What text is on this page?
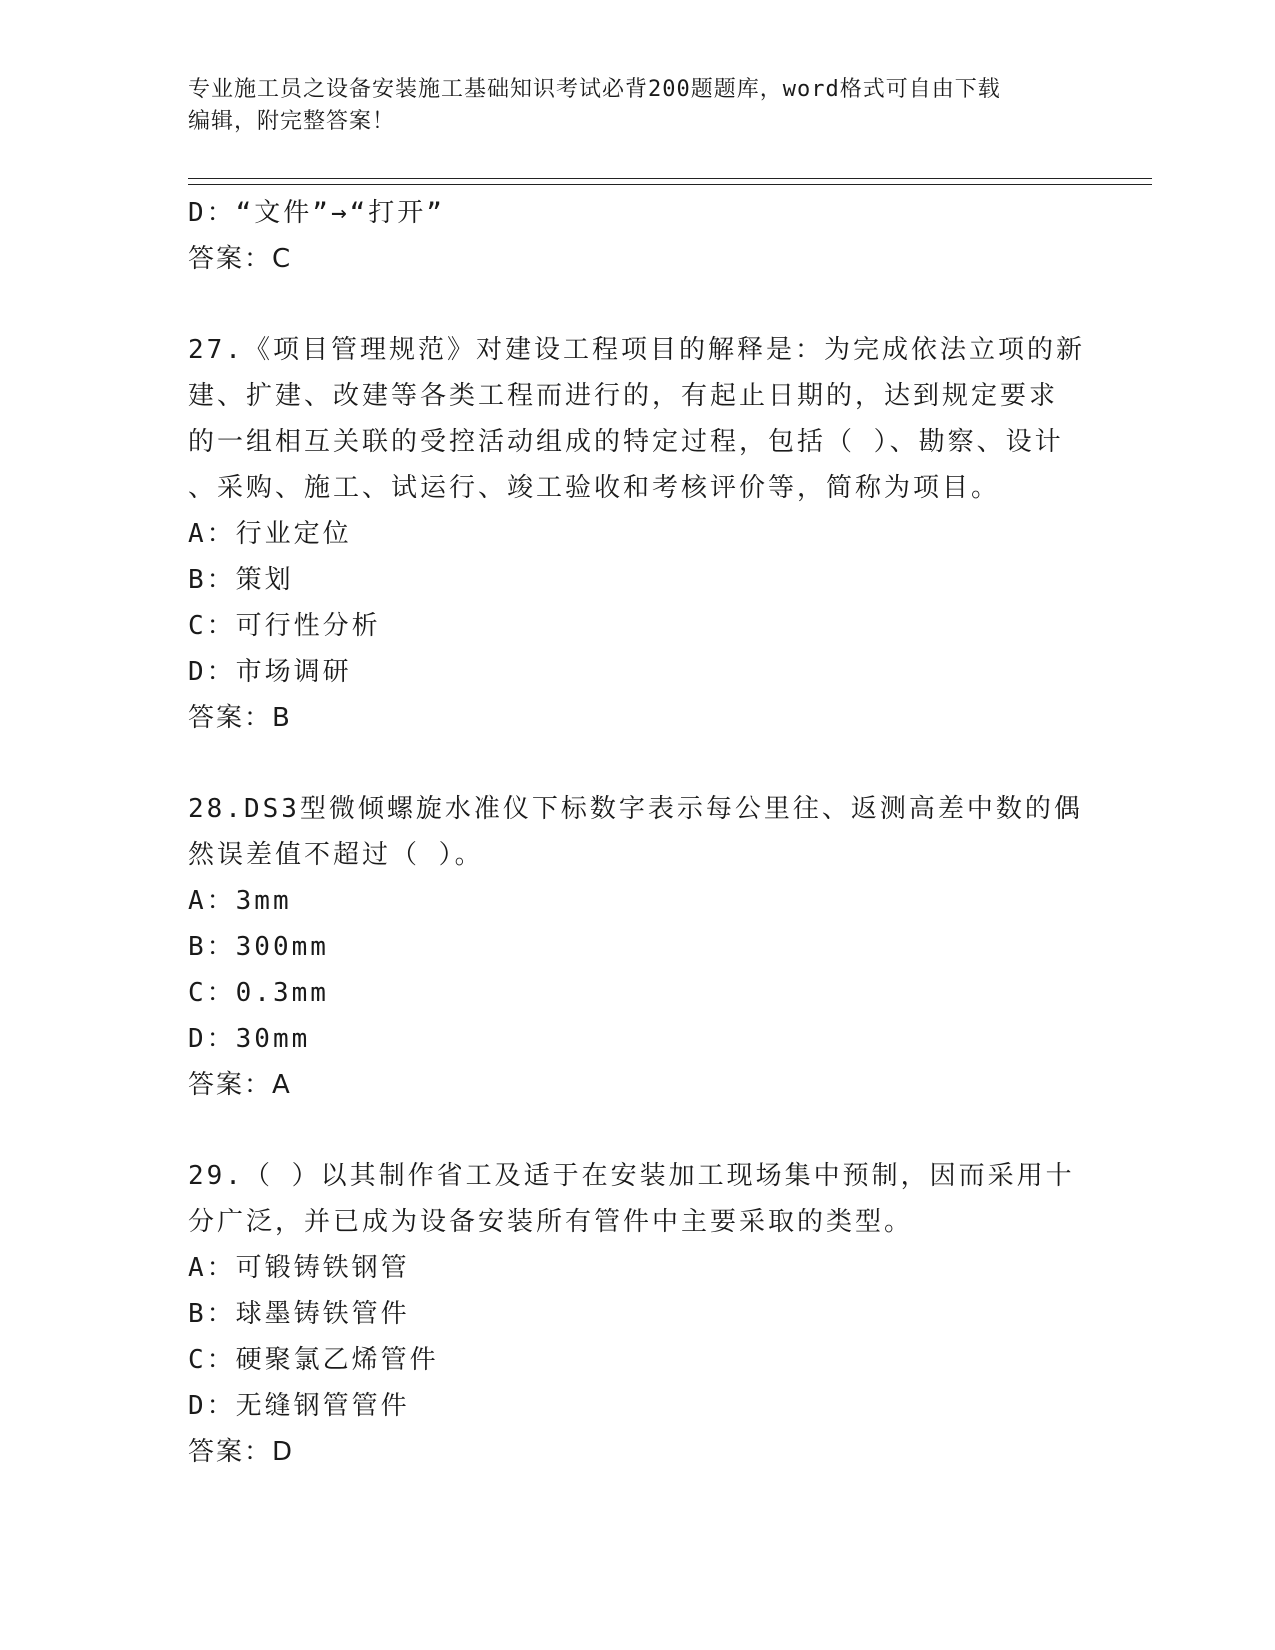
专业施工员之设备安装施工基础知识考试必背200题题库，word格式可自由下载
编辑，附完整答案！
D：“文件”→“打开”
答案：C
27.《项目管理规范》对建设工程项目的解释是：为完成依法立项的新
建、扩建、改建等各类工程而进行的，有起止日期的，达到规定要求
的一组相互关联的受控活动组成的特定过程，包括（ ）、勘察、设计
、采购、施工、试运行、竣工验收和考核评价等，简称为项目。
A：行业定位
B：策划
C：可行性分析
D：市场调研
答案：B
28.DS3型微倾螺旋水准仪下标数字表示每公里往、返测高差中数的偶
然误差值不超过（ ）。
A：3mm
B：300mm
C：0.3mm
D：30mm
答案：A
29.（ ）以其制作省工及适于在安装加工现场集中预制，因而采用十
分广泛，并已成为设备安装所有管件中主要采取的类型。
A：可锻铸铁钢管
B：球墨铸铁管件
C：硬聚氯乙烯管件
D：无缝钢管管件
答案：D
